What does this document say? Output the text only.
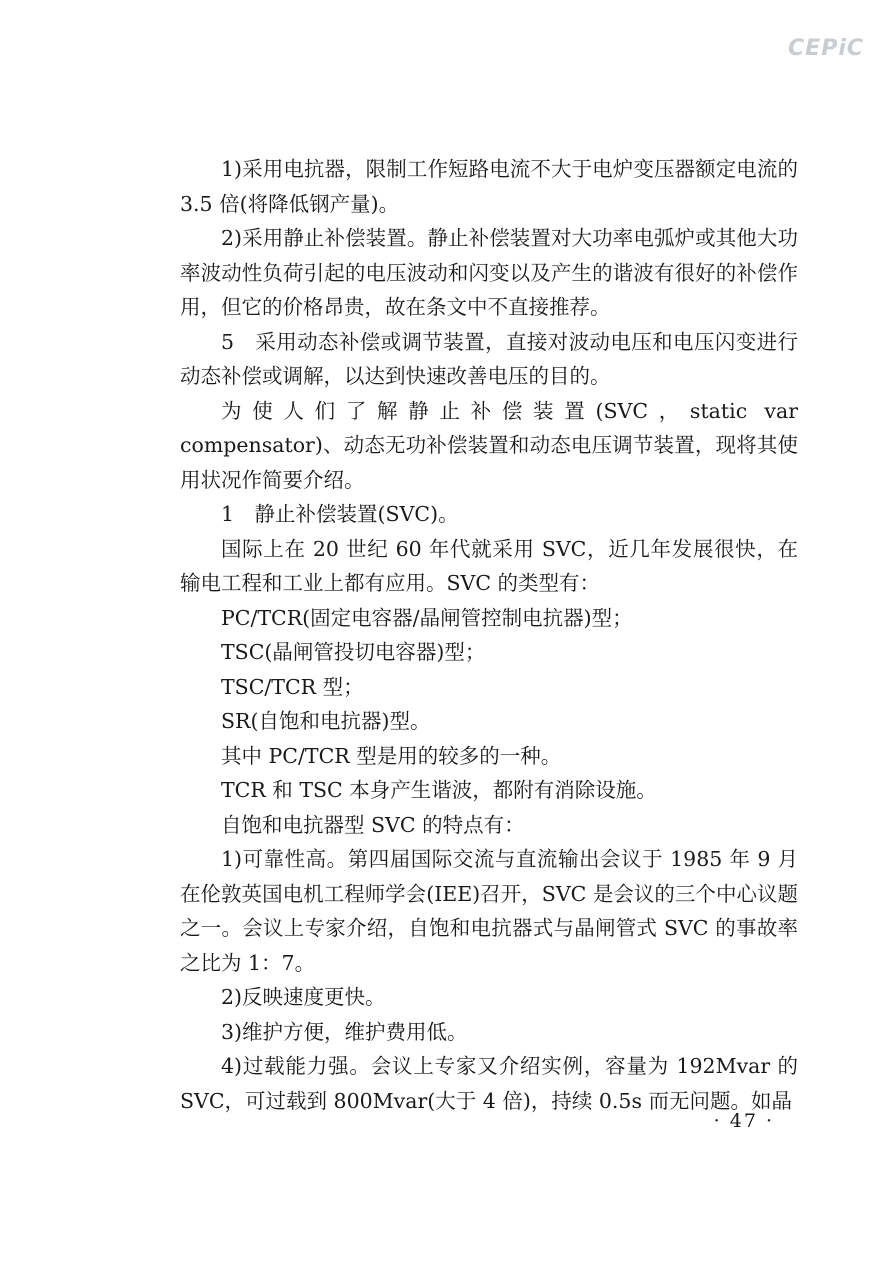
CEPiC

1)采用电抗器，限制工作短路电流不大于电炉变压器额定电流的 3.5 倍(将降低钢产量)。

2)采用静止补偿装置。静止补偿装置对大功率电弧炉或其他大功率波动性负荷引起的电压波动和闪变以及产生的谐波有很好的补偿作用，但它的价格昂贵，故在条文中不直接推荐。

5　采用动态补偿或调节装置，直接对波动电压和电压闪变进行动态补偿或调解，以达到快速改善电压的目的。

为使人们了解静止补偿装置(SVC，static var compensator)、动态无功补偿装置和动态电压调节装置，现将其使用状况作简要介绍。

1　静止补偿装置(SVC)。

国际上在 20 世纪 60 年代就采用 SVC，近几年发展很快，在输电工程和工业上都有应用。SVC 的类型有：

PC/TCR(固定电容器/晶闸管控制电抗器)型；

TSC(晶闸管投切电容器)型；

TSC/TCR 型；

SR(自饱和电抗器)型。

其中 PC/TCR 型是用的较多的一种。

TCR 和 TSC 本身产生谐波，都附有消除设施。

自饱和电抗器型 SVC 的特点有：

1)可靠性高。第四届国际交流与直流输出会议于 1985 年 9 月在伦敦英国电机工程师学会(IEE)召开，SVC 是会议的三个中心议题之一。会议上专家介绍，自饱和电抗器式与晶闸管式 SVC 的事故率之比为 1：7。

2)反映速度更快。

3)维护方便，维护费用低。

4)过载能力强。会议上专家又介绍实例，容量为 192Mvar 的 SVC，可过载到 800Mvar(大于 4 倍)，持续 0.5s 而无问题。如晶

· 47 ·
